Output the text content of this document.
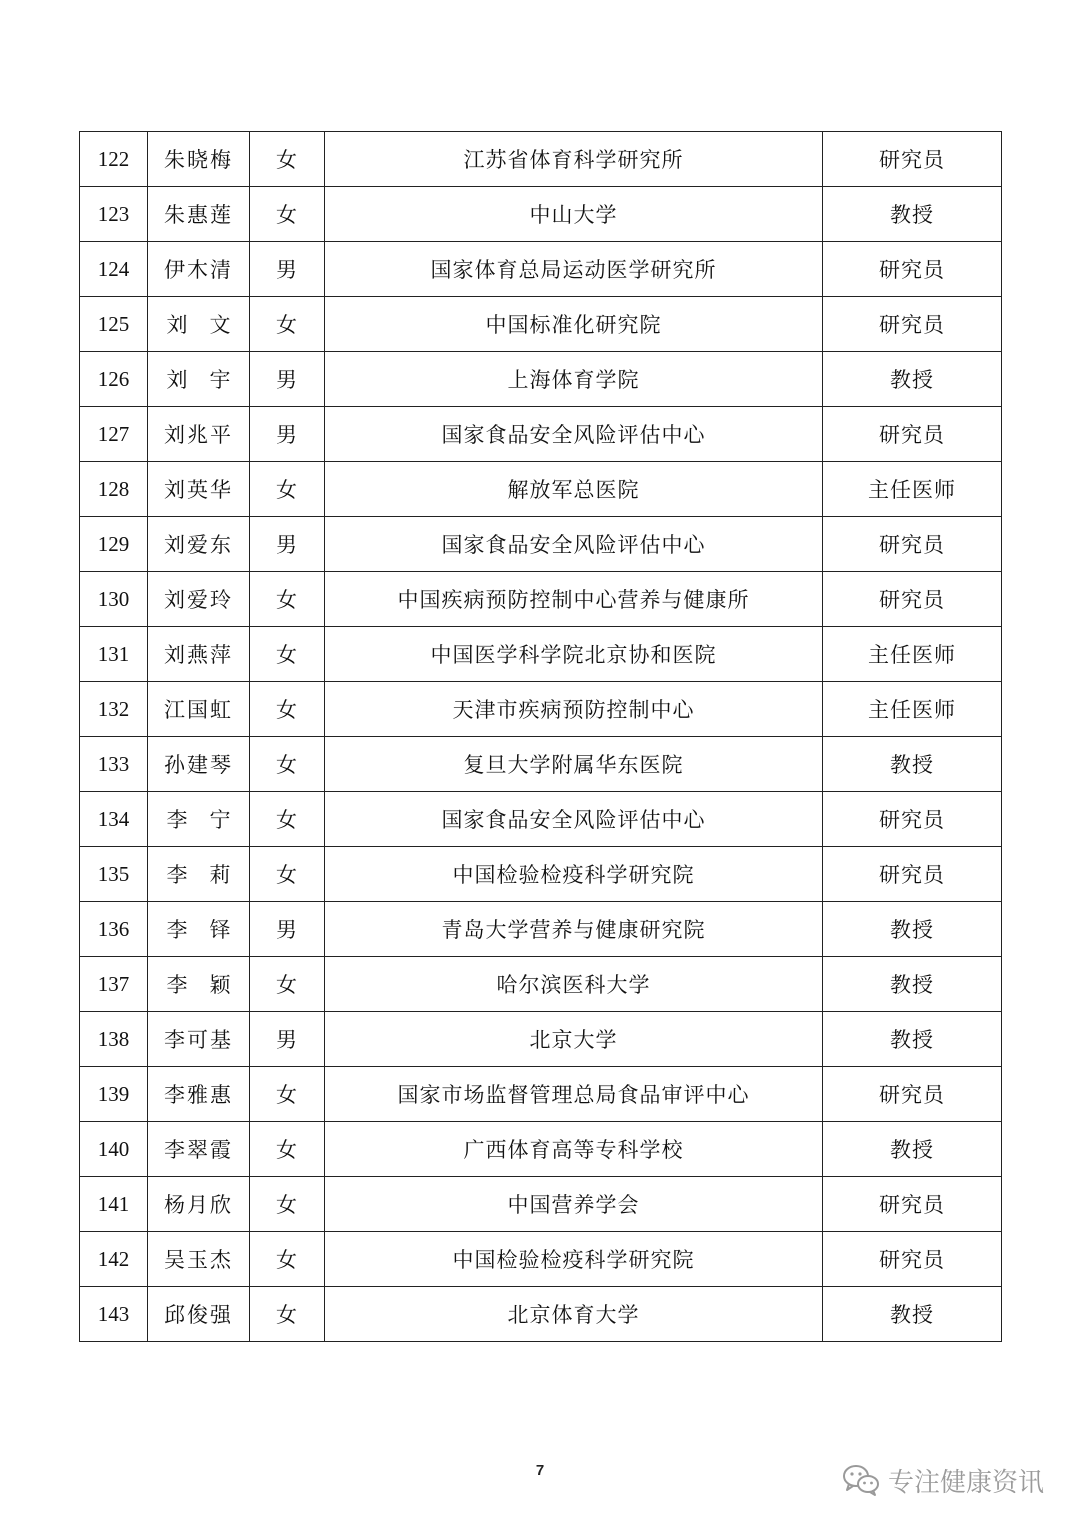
122	朱晓梅	女	江苏省体育科学研究所	研究员
123	朱惠莲	女	中山大学	教授
124	伊木清	男	国家体育总局运动医学研究所	研究员
125	刘　文	女	中国标准化研究院	研究员
126	刘　宇	男	上海体育学院	教授
127	刘兆平	男	国家食品安全风险评估中心	研究员
128	刘英华	女	解放军总医院	主任医师
129	刘爱东	男	国家食品安全风险评估中心	研究员
130	刘爱玲	女	中国疾病预防控制中心营养与健康所	研究员
131	刘燕萍	女	中国医学科学院北京协和医院	主任医师
132	江国虹	女	天津市疾病预防控制中心	主任医师
133	孙建琴	女	复旦大学附属华东医院	教授
134	李　宁	女	国家食品安全风险评估中心	研究员
135	李　莉	女	中国检验检疫科学研究院	研究员
136	李　铎	男	青岛大学营养与健康研究院	教授
137	李　颖	女	哈尔滨医科大学	教授
138	李可基	男	北京大学	教授
139	李雅惠	女	国家市场监督管理总局食品审评中心	研究员
140	李翠霞	女	广西体育高等专科学校	教授
141	杨月欣	女	中国营养学会	研究员
142	吴玉杰	女	中国检验检疫科学研究院	研究员
143	邱俊强	女	北京体育大学	教授
7	专注健康资讯
